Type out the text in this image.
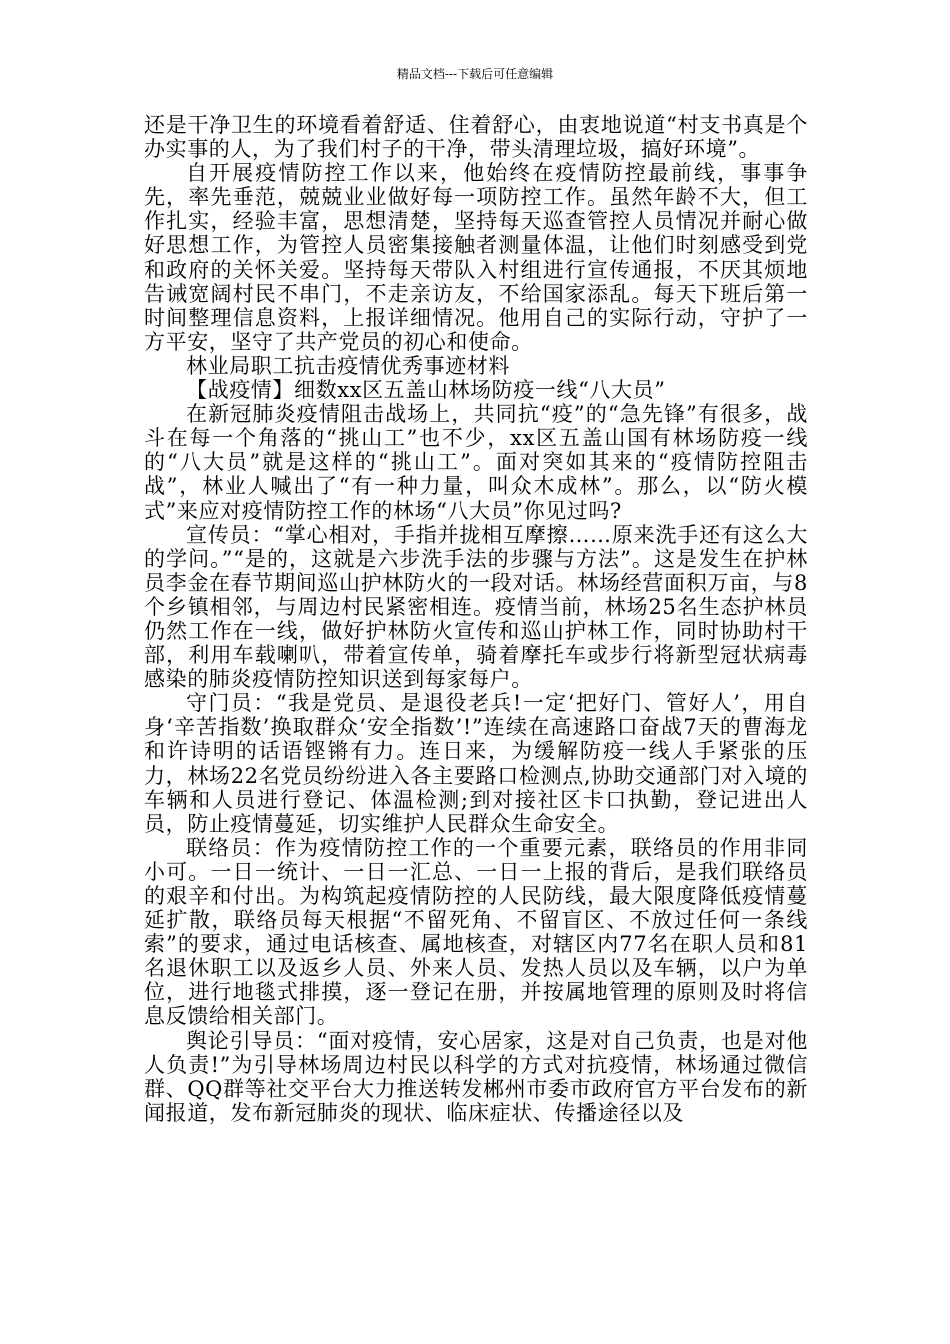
精品文档---下载后可任意编辑

还是干净卫生的环境看着舒适、住着舒心，由衷地说道“村支书真是个办实事的人，为了我们村子的干净，带头清理垃圾，搞好环境”。

自开展疫情防控工作以来，他始终在疫情防控最前线，事事争先，率先垂范，兢兢业业做好每一项防控工作。虽然年龄不大，但工作扎实，经验丰富，思想清楚，坚持每天巡查管控人员情况并耐心做好思想工作，为管控人员密集接触者测量体温，让他们时刻感受到党和政府的关怀关爱。坚持每天带队入村组进行宣传通报，不厌其烦地告诫宽阔村民不串门，不走亲访友，不给国家添乱。每天下班后第一时间整理信息资料，上报详细情况。他用自己的实际行动，守护了一方平安，坚守了共产党员的初心和使命。

林业局职工抗击疫情优秀事迹材料

【战疫情】细数xx区五盖山林场防疫一线“八大员”

在新冠肺炎疫情阻击战场上，共同抗“疫”的“急先锋”有很多，战斗在每一个角落的“挑山工”也不少，xx区五盖山国有林场防疫一线的“八大员”就是这样的“挑山工”。面对突如其来的“疫情防控阻击战”，林业人喊出了“有一种力量，叫众木成林”。那么，以“防火模式”来应对疫情防控工作的林场“八大员”你见过吗?

宣传员：“掌心相对，手指并拢相互摩擦……原来洗手还有这么大的学问。”“是的，这就是六步洗手法的步骤与方法”。这是发生在护林员李金在春节期间巡山护林防火的一段对话。林场经营面积万亩，与8个乡镇相邻，与周边村民紧密相连。疫情当前，林场25名生态护林员仍然工作在一线，做好护林防火宣传和巡山护林工作，同时协助村干部，利用车载喇叭，带着宣传单，骑着摩托车或步行将新型冠状病毒感染的肺炎疫情防控知识送到每家每户。

守门员：“我是党员、是退役老兵!一定‘把好门、管好人’，用自身‘辛苦指数’换取群众‘安全指数’!”连续在高速路口奋战7天的曹海龙和许诗明的话语铿锵有力。连日来，为缓解防疫一线人手紧张的压力，林场22名党员纷纷进入各主要路口检测点,协助交通部门对入境的车辆和人员进行登记、体温检测;到对接社区卡口执勤，登记进出人员，防止疫情蔓延，切实维护人民群众生命安全。

联络员：作为疫情防控工作的一个重要元素，联络员的作用非同小可。一日一统计、一日一汇总、一日一上报的背后，是我们联络员的艰辛和付出。为构筑起疫情防控的人民防线，最大限度降低疫情蔓延扩散，联络员每天根据“不留死角、不留盲区、不放过任何一条线索”的要求，通过电话核查、属地核查，对辖区内77名在职人员和81名退休职工以及返乡人员、外来人员、发热人员以及车辆，以户为单位，进行地毯式排摸，逐一登记在册，并按属地管理的原则及时将信息反馈给相关部门。

舆论引导员：“面对疫情，安心居家，这是对自己负责，也是对他人负责!”为引导林场周边村民以科学的方式对抗疫情，林场通过微信群、QQ群等社交平台大力推送转发郴州市委市政府官方平台发布的新闻报道，发布新冠肺炎的现状、临床症状、传播途径以及
